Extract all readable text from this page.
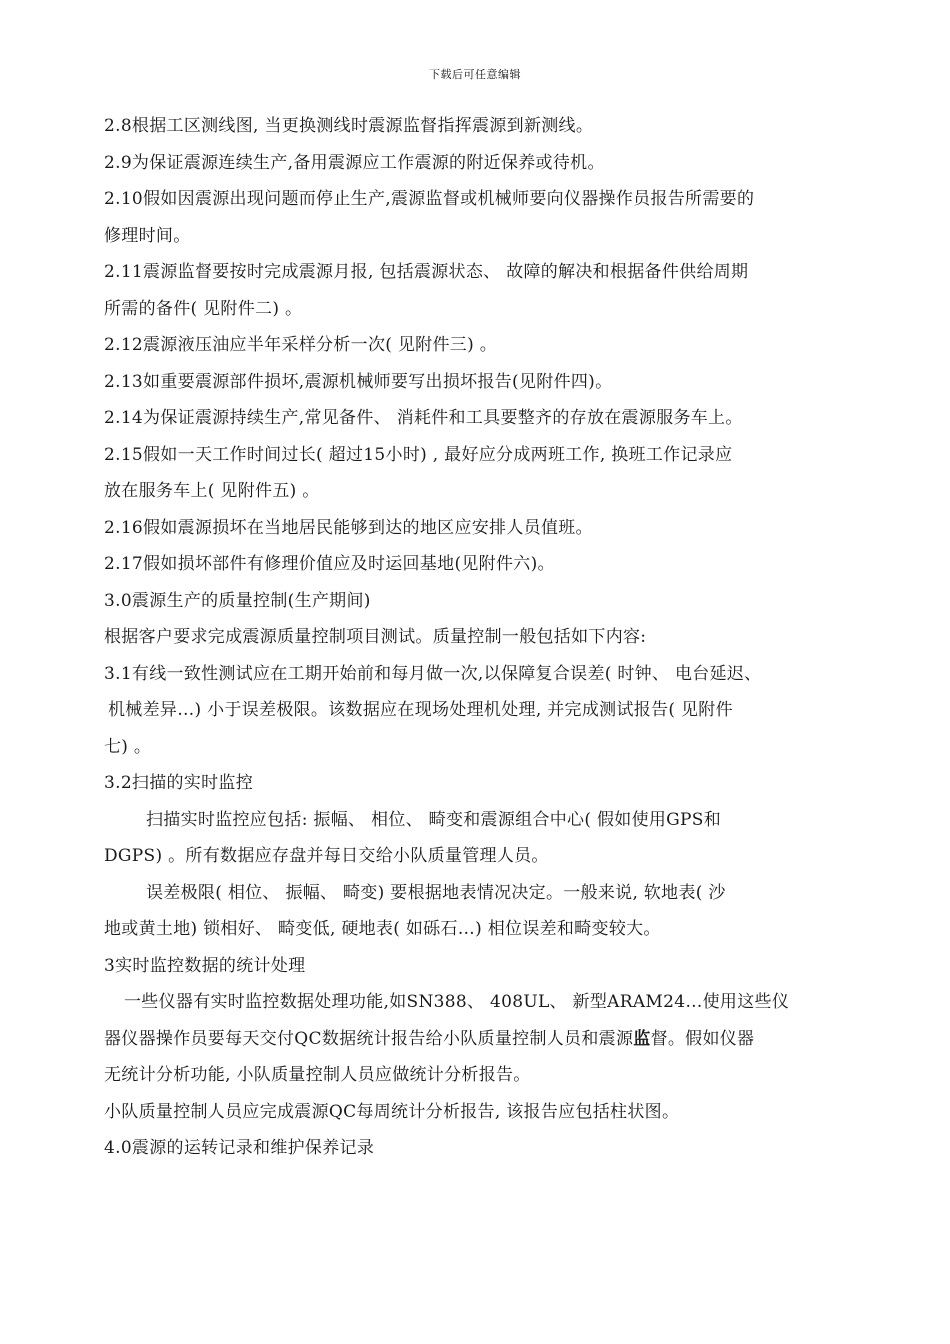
下载后可任意编辑
2.8根据工区测线图, 当更换测线时震源监督指挥震源到新测线。
2.9为保证震源连续生产,备用震源应工作震源的附近保养或待机。
2.10假如因震源出现问题而停止生产,震源监督或机械师要向仪器操作员报告所需要的
修理时间。
2.11震源监督要按时完成震源月报, 包括震源状态、 故障的解决和根据备件供给周期
所需的备件( 见附件二) 。
2.12震源液压油应半年采样分析一次( 见附件三) 。
2.13如重要震源部件损坏,震源机械师要写出损坏报告(见附件四)。
2.14为保证震源持续生产,常见备件、 消耗件和工具要整齐的存放在震源服务车上。
2.15假如一天工作时间过长( 超过15小时) , 最好应分成两班工作, 换班工作记录应
放在服务车上( 见附件五) 。
2.16假如震源损坏在当地居民能够到达的地区应安排人员值班。
2.17假如损坏部件有修理价值应及时运回基地(见附件六)。
3.0震源生产的质量控制(生产期间)
根据客户要求完成震源质量控制项目测试。质量控制一般包括如下内容:
3.1有线一致性测试应在工期开始前和每月做一次,以保障复合误差( 时钟、 电台延迟、
机械差异…) 小于误差极限。该数据应在现场处理机处理, 并完成测试报告( 见附件
七) 。
3.2扫描的实时监控
扫描实时监控应包括: 振幅、 相位、 畸变和震源组合中心( 假如使用GPS和
DGPS) 。所有数据应存盘并每日交给小队质量管理人员。
误差极限( 相位、 振幅、 畸变) 要根据地表情况决定。一般来说, 软地表( 沙
地或黄土地) 锁相好、 畸变低, 硬地表( 如砾石…) 相位误差和畸变较大。
3实时监控数据的统计处理
一些仪器有实时监控数据处理功能,如SN388、 408UL、 新型ARAM24…使用这些仪
器仪器操作员要每天交付QC数据统计报告给小队质量控制人员和震源监督。假如仪器
无统计分析功能, 小队质量控制人员应做统计分析报告。
小队质量控制人员应完成震源QC每周统计分析报告, 该报告应包括柱状图。
4.0震源的运转记录和维护保养记录
